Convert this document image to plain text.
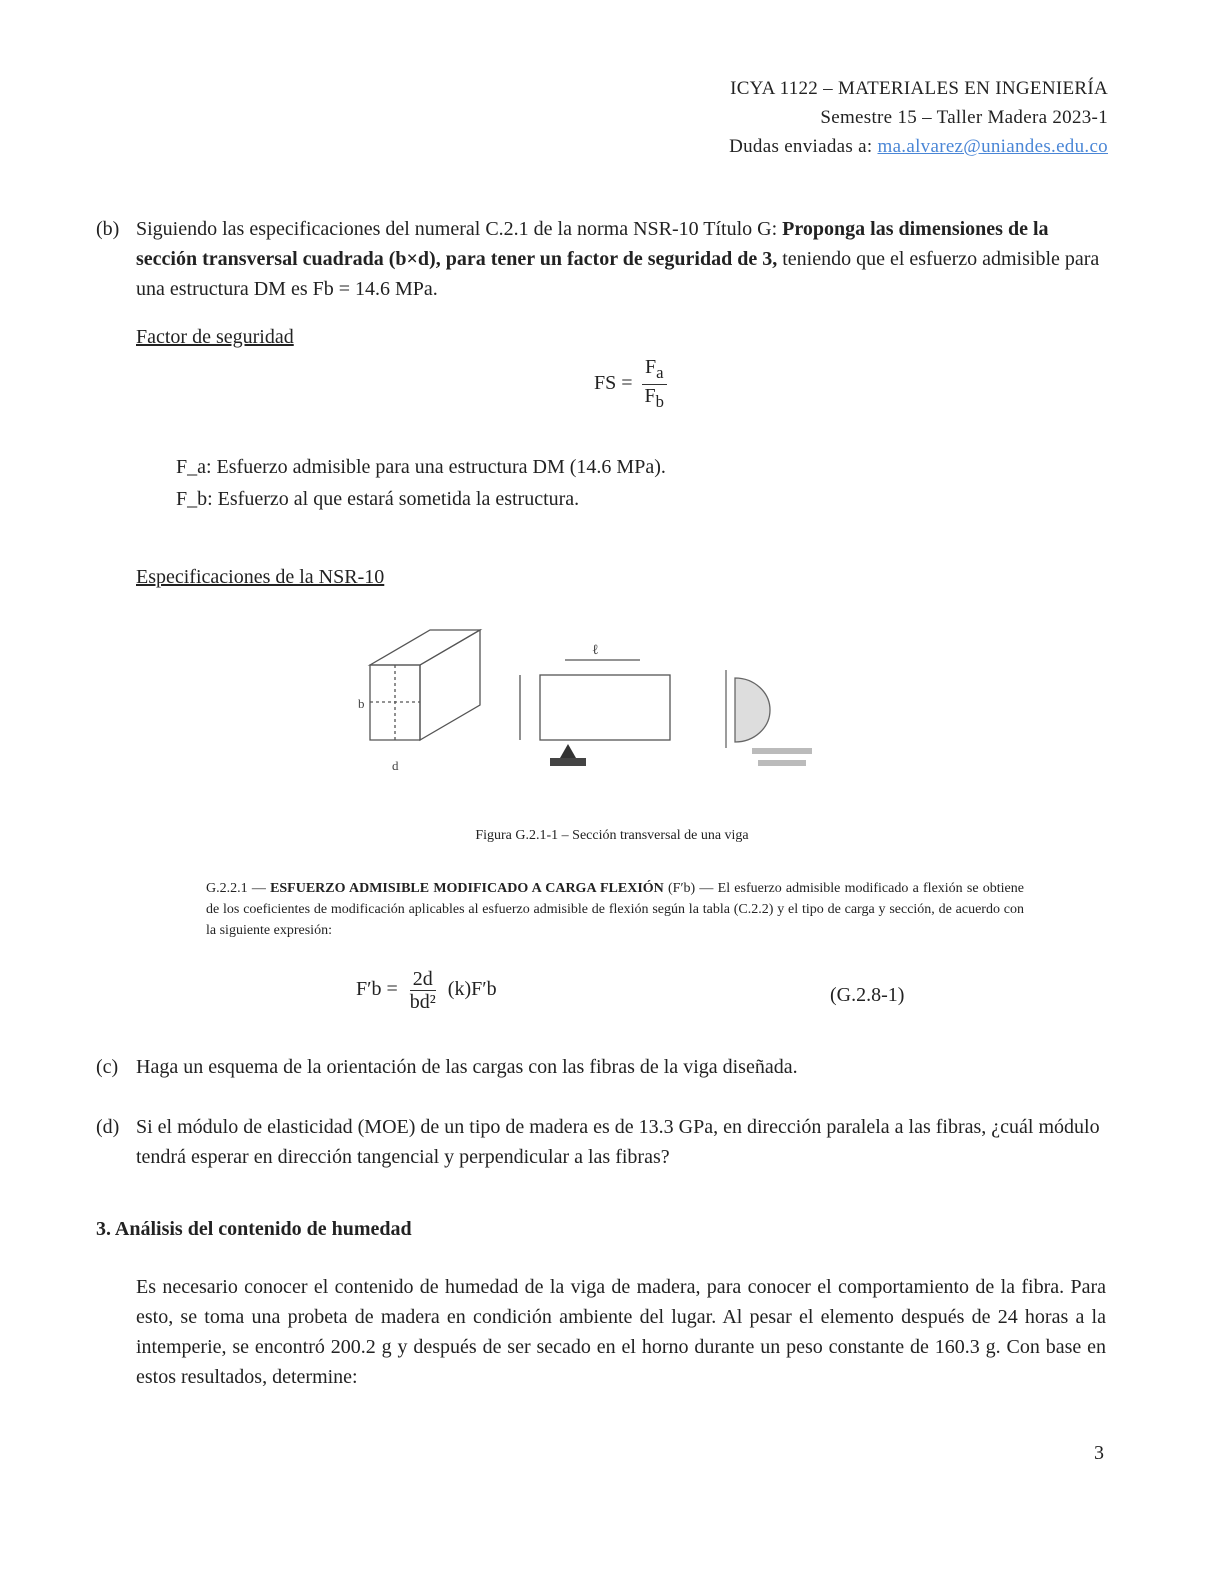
ICYA 1122 – MATERIALES EN INGENIERÍA
Semestre 15 – Taller Madera 2023-1
Dudas enviadas a: ma.alvarez@uniandes.edu.co
(b) Siguiendo las especificaciones del numeral C.2.1 de la norma NSR-10 Título G: Proponga las dimensiones de la sección transversal cuadrada (b×d), para tener un factor de seguridad de 3, teniendo que el esfuerzo admisible para una estructura DM es Fb = 14.6 MPa.
Factor de seguridad
FS = $\frac{F_a}{F_b}$
F_a: Esfuerzo admisible para una estructura DM (14.6 MPa).
F_b: Esfuerzo al que estará sometida la estructura.
Especificaciones de la NSR-10
b
d
ℓ
Figura G.2.1-1 – Sección transversal de una viga
G.2.2.1 — ESFUERZO ADMISIBLE MODIFICADO A CARGA FLEXIÓN (F′b) — El esfuerzo admisible modificado a flexión se obtiene de los coeficientes de modificación aplicables al esfuerzo admisible de flexión según la tabla (C.2.2) y el tipo de carga y sección, de acuerdo con la siguiente expresión:
$F'b = \frac{2d}{\text{bd²}} (k)F'b$	(G.2.8-1)
(c) Haga un esquema de la orientación de las cargas con las fibras de la viga diseñada.
(d) Si el módulo de elasticidad (MOE) de un tipo de madera es de 13.3 GPa, en dirección paralela a las fibras, ¿cuál módulo tendrá esperar en dirección tangencial y perpendicular a las fibras?
3. Análisis del contenido de humedad
Es necesario conocer el contenido de humedad de la viga de madera, para conocer el comportamiento de la fibra. Para esto, se toma una probeta de madera en condición ambiente del lugar. Al pesar el elemento después de 24 horas a la intemperie, se encontró 200.2 g y después de ser secado en el horno durante un peso constante de 160.3 g. Con base en estos resultados, determine:
3
